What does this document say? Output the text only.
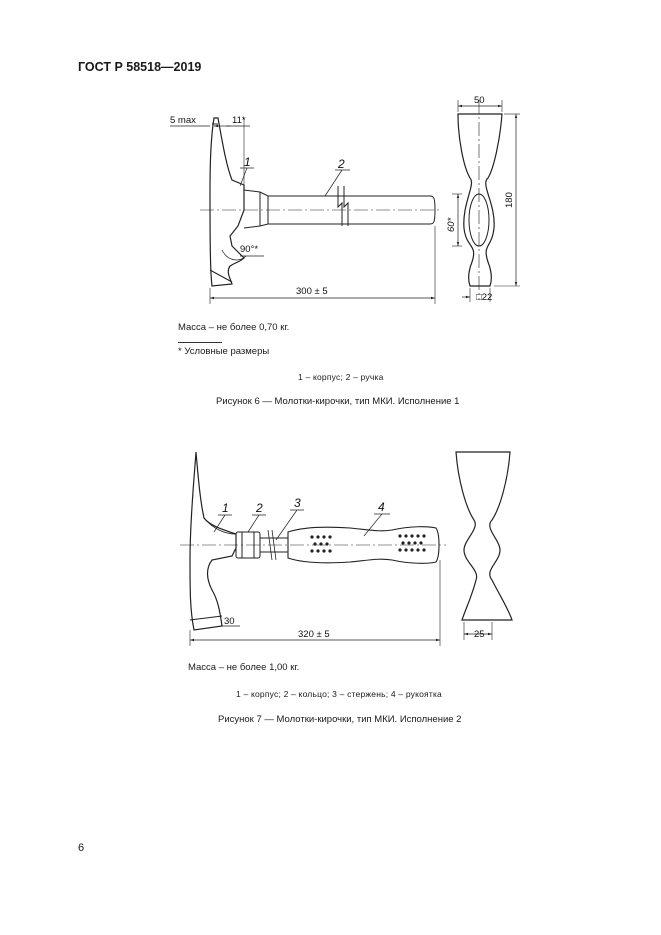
ГОСТ Р 58518—2019
5 max	11*
90°*
300 ± 5
50
180
60*
□22
1	2
30
320 ± 5	25
1 2	3	4
Масса – не более 0,70 кг.
* Условные размеры
1 – корпус; 2 – ручка
Рисунок 6 — Молотки-кирочки, тип МКИ. Исполнение 1
Масса – не более 1,00 кг.
1 – корпус; 2 – кольцо; 3 – стержень; 4 – рукоятка
Рисунок 7 — Молотки-кирочки, тип МКИ. Исполнение 2
6
